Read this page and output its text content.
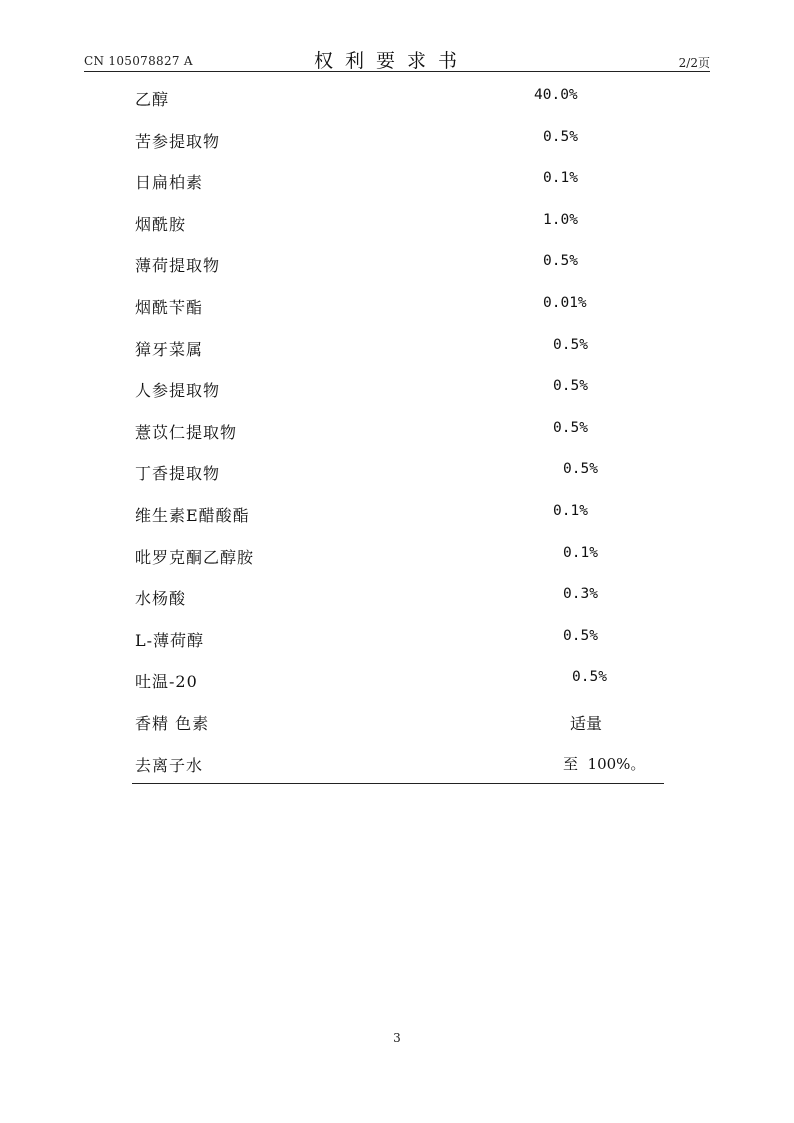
CN 105078827 A	权利要求书	2/2页
乙醇	40.0%
苦参提取物	0.5%
日扁柏素	0.1%
烟酰胺	1.0%
薄荷提取物	0.5%
烟酰苄酯	0.01%
獐牙菜属	0.5%
人参提取物	0.5%
薏苡仁提取物	0.5%
丁香提取物	0.5%
维生素E醋酸酯	0.1%
吡罗克酮乙醇胺	0.1%
水杨酸	0.3%
L-薄荷醇	0.5%
吐温-20	0.5%
香精 色素	适量
去离子水	至  100%。
3
